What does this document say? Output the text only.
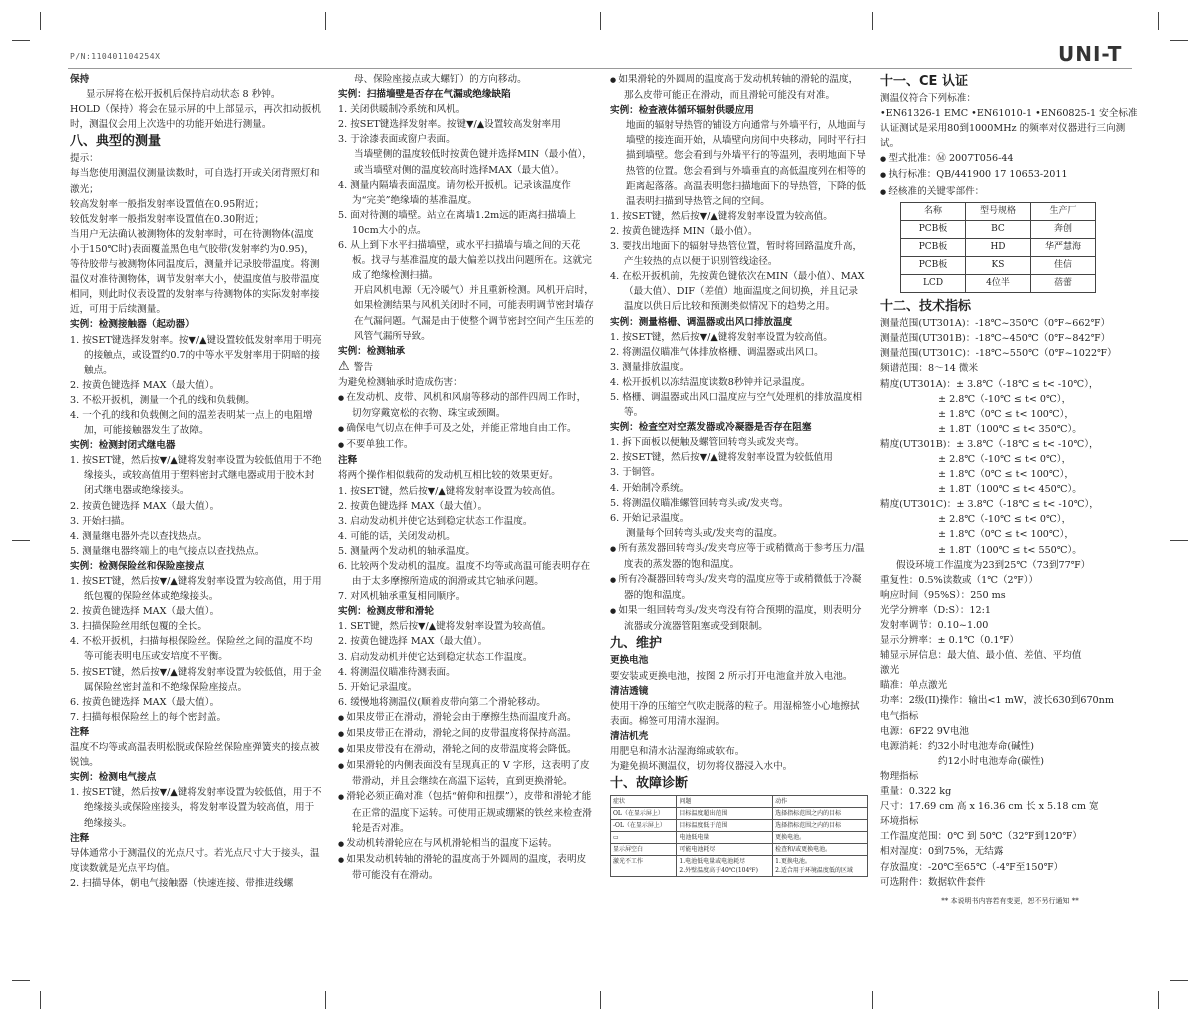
P/N:110401104254X	UNI-T

保持

显示屏将在松开扳机后保持启动状态 8 秒钟。

HOLD（保持）将会在显示屏的中上部显示，再次扣动扳机时，测温仪会用上次选中的功能开始进行测量。

八、典型的测量

提示：

每当您使用测温仪测量读数时，可自选打开或关闭背照灯和激光；

较高发射率一般指发射率设置值在0.95附近；

较低发射率一般指发射率设置值在0.30附近；

当用户无法确认被测物体的发射率时，可在待测物体(温度小于150℃时)表面覆盖黑色电气胶带(发射率约为0.95)，等待胶带与被测物体同温度后，测量并记录胶带温度。将测温仪对准待测物体，调节发射率大小，使温度值与胶带温度相同，则此时仪表设置的发射率与待测物体的实际发射率接近，可用于后续测量。

实例：检测接触器（起动器）

1. 按SET键选择发射率。按▼/▲键设置较低发射率用于明亮的接触点，或设置约0.7的中等水平发射率用于阴暗的接触点。

2. 按黄色键选择 MAX（最大值）。

3. 不松开扳机，测量一个孔的线和负载侧。

4. 一个孔的线和负载侧之间的温差表明某一点上的电阻增加，可能接触器发生了故障。

实例：检测封闭式继电器

1. 按SET键，然后按▼/▲键将发射率设置为较低值用于不绝缘接头，或较高值用于塑料密封式继电器或用于胶木封闭式继电器或绝缘接头。

2. 按黄色键选择 MAX（最大值）。

3. 开始扫描。

4. 测量继电器外壳以查找热点。

5. 测量继电器终端上的电气接点以查找热点。

实例：检测保险丝和保险座接点

1. 按SET键，然后按▼/▲键将发射率设置为较高值，用于用纸包覆的保险丝体或绝缘接头。

2. 按黄色键选择 MAX（最大值）。

3. 扫描保险丝用纸包覆的全长。

4. 不松开扳机，扫描每根保险丝。保险丝之间的温度不均等可能表明电压或安培度不平衡。

5. 按SET键，然后按▼/▲键将发射率设置为较低值，用于金属保险丝密封盖和不绝缘保险座接点。

6. 按黄色键选择 MAX（最大值）。

7. 扫描每根保险丝上的每个密封盖。

注释

温度不均等或高温表明松脱或保险丝保险座弹簧夹的接点被锐蚀。

实例：检测电气接点

1. 按SET键，然后按▼/▲键将发射率设置为较低值，用于不绝缘接头或保险座接头，将发射率设置为较高值，用于绝缘接头。

注释

导体通常小于测温仪的光点尺寸。若光点尺寸大于接头，温度读数就是光点平均值。

2. 扫描导体，朝电气接触器（快速连接、带推进线螺

母、保险座接点或大螺钉）的方向移动。

实例：扫描墙壁是否存在气漏或绝缘缺陷

1. 关闭供暖制冷系统和风机。

2. 按SET键选择发射率。按键▼/▲设置较高发射率用

3. 于涂漆表面或窗户表面。

当墙壁侧的温度较低时按黄色键并选择MIN（最小值），或当墙壁对侧的温度较高时选择MAX（最大值）。

4. 测量内隔墙表面温度。请勿松开扳机。记录该温度作为“完美”绝缘墙的基准温度。

5. 面对待测的墙壁。站立在离墙1.2m远的距离扫描墙上10cm大小的点。

6. 从上到下水平扫描墙壁，或水平扫描墙与墙之间的天花板。找寻与基准温度的最大偏差以找出问题所在。这就完成了绝缘检测扫描。

开启风机电源（无冷暖气）并且重新检测。风机开启时，如果检测结果与风机关闭时不同，可能表明调节密封墙存在气漏问题。气漏是由于使整个调节密封空间产生压差的风管气漏所导致。

实例：检测轴承

⚠ 警告

为避免检测轴承时造成伤害：

● 在发动机、皮带、风机和风扇等移动的部件四周工作时，切勿穿戴宽松的衣物、珠宝或颈圈。

● 确保电气切点在伸手可及之处，并能正常地自由工作。

● 不要单独工作。

注释

将两个操作相似载荷的发动机互相比较的效果更好。

1. 按SET键，然后按▼/▲键将发射率设置为较高值。

2. 按黄色键选择 MAX（最大值）。

3. 启动发动机并使它达到稳定状态工作温度。

4. 可能的话，关闭发动机。

5. 测量两个发动机的轴承温度。

6. 比较两个发动机的温度。温度不均等或高温可能表明存在由于太多摩擦所造成的润滑或其它轴承问题。

7. 对风机轴承重复相同顺序。

实例：检测皮带和滑轮

1. SET键，然后按▼/▲键将发射率设置为较高值。

2. 按黄色键选择 MAX（最大值）。

3. 启动发动机并使它达到稳定状态工作温度。

4. 将测温仪瞄准待测表面。

5. 开始记录温度。

6. 缓慢地将测温仪(顺着皮带向第二个滑轮移动。

● 如果皮带正在滑动，滑轮会由于摩擦生热而温度升高。

● 如果皮带正在滑动，滑轮之间的皮带温度将保持高温。

● 如果皮带没有在滑动，滑轮之间的皮带温度将会降低。

● 如果滑轮的内侧表面没有呈现真正的 V 字形，这表明了皮带滑动，并且会继续在高温下运转，直到更换滑轮。

● 滑轮必须正确对准（包括“俯仰和扭摆”），皮带和滑轮才能在正常的温度下运转。可使用正规或绷紧的铁丝来检查滑轮是否对准。

● 发动机转滑轮应在与风机滑轮相当的温度下运转。

● 如果发动机转轴的滑轮的温度高于外圆周的温度，表明皮带可能没有在滑动。

● 如果滑轮的外圆周的温度高于发动机转轴的滑轮的温度，那么皮带可能正在滑动，而且滑轮可能没有对准。

实例：检查液体循环辐射供暖应用

地面的辐射导热管的铺设方向通常与外墙平行，从地面与墙壁的接连面开始，从墙壁向房间中央移动，同时平行扫描到墙壁。您会看到与外墙平行的等温列，表明地面下导热管的位置。您会看到与外墙垂直的高低温度列在相等的距离起落落。高温表明您扫描地面下的导热管，下降的低温表明扫描到导热管之间的空间。

1. 按SET键，然后按▼/▲键将发射率设置为较高值。

2. 按黄色键选择 MIN（最小值）。

3. 要找出地面下的辐射导热管位置，暂时将回路温度升高，产生较热的点以便于识别管线途径。

4. 在松开扳机前，先按黄色键依次在MIN（最小值）、MAX（最大值）、DIF（差值）地面温度之间切换，并且记录温度以供日后比较和预测类似情况下的趋势之用。

实例：测量格栅、调温器或出风口排放温度

1. 按SET键，然后按▼/▲键将发射率设置为较高值。

2. 将测温仪瞄准气体排放格栅、调温器或出风口。

3. 测量排放温度。

4. 松开扳机以冻结温度读数8秒钟并记录温度。

5. 格栅、调温器或出风口温度应与空气处理机的排放温度相等。

实例：检查空对空蒸发器或冷凝器是否存在阻塞

1. 拆下面板以便触及螺管回转弯头或发夹弯。

2. 按SET键，然后按▼/▲键将发射率设置为较低值用

3. 于铜管。

4. 开始制冷系统。

5. 将测温仪瞄准螺管回转弯头或/发夹弯。

6. 开始记录温度。

测量每个回转弯头或/发夹弯的温度。

● 所有蒸发器回转弯头/发夹弯应等于或稍微高于参考压力/温度表的蒸发器的饱和温度。

● 所有冷凝器回转弯头/发夹弯的温度应等于或稍微低于冷凝器的饱和温度。

● 如果一组回转弯头/发夹弯没有符合预期的温度，则表明分流器或分流器管阻塞或受到限制。

九、维护

更换电池

要安装或更换电池，按图 2 所示打开电池盒并放入电池。

清洁透镜

使用干净的压缩空气吹走脱落的粒子。用湿棉签小心地擦拭表面。棉签可用清水湿润。

清洁机壳

用肥皂和清水沾湿海绵或软布。

为避免损坏测温仪，切勿将仪器浸入水中。

十、故障诊断

症状	问题	动作
OL（在显示屏上）	目标温度超出范围	选择指标范围之内的目标
-OL（在显示屏上）	目标温度低于范围	选择指标范围之内的目标
▭	电池低电量	更换电池。
显示屏空白	可能电池耗尽	检查和/或更换电池。
激光不工作	1.电池低电量或电池耗尽
2.外壁温度高于40℃(104℉)	1.更换电池。
2.适合用于环境温度低的区域

十一、CE 认证

测温仪符合下列标准：

•EN61326-1 EMC •EN61010-1 •EN60825-1 安全标准

认证测试是采用80到1000MHz 的频率对仪器进行三向测试。

● 型式批准：Ⓜ 2007T056-44

● 执行标准：QB/441900 17 10653-2011

● 经核准的关键零部件：

名称	型号规格	生产厂
PCB板	BC	奔创
PCB板	HD	华严慧海
PCB板	KS	佳信
LCD	4位半	蓓蕾

十二、技术指标

测量范围(UT301A)：-18℃~350℃（0℉~662℉）

测量范围(UT301B)：-18℃~450℃（0℉~842℉）

测量范围(UT301C)：-18℃~550℃（0℉~1022℉）

频谱范围：8～14 微米

精度(UT301A)：± 3.8℃（-18℃ ≤ t< -10℃），

± 2.8℃（-10℃ ≤ t< 0℃），

± 1.8℃（0℃ ≤ t< 100℃），

± 1.8T（100℃ ≤ t< 350℃）。

精度(UT301B)：± 3.8℃（-18℃ ≤ t< -10℃），

± 2.8℃（-10℃ ≤ t< 0℃），

± 1.8℃（0℃ ≤ t< 100℃），

± 1.8T（100℃ ≤ t< 450℃）。

精度(UT301C)：± 3.8℃（-18℃ ≤ t< -10℃），

± 2.8℃（-10℃ ≤ t< 0℃），

± 1.8℃（0℃ ≤ t< 100℃），

± 1.8T（100℃ ≤ t< 550℃）。

假设环境工作温度为23到25℃（73到77℉）

重复性：0.5%读数或（1℃（2℉））

响应时间（95%S）：250 ms

光学分辨率（D:S）：12:1

发射率调节：0.10~1.00

显示分辨率：± 0.1℃（0.1℉）

辅显示屏信息：最大值、最小值、差值、平均值

激光

瞄准：单点激光

功率：2级(II)操作：输出<1 mW，波长630到670nm

电气指标

电源：6F22 9V电池

电源消耗：约32小时电池寿命(碱性)

约12小时电池寿命(碳性)

物理指标

重量：0.322 kg

尺寸：17.69 cm 高 x 16.36 cm 长 x 5.18 cm 宽

环境指标

工作温度范围：0℃ 到 50℃（32℉到120℉）

相对湿度：0到75%，无结露

存放温度：-20℃至65℃（-4℉至150℉）

可选附件：数据软件套件

** 本说明书内容若有变更，恕不另行通知 **
